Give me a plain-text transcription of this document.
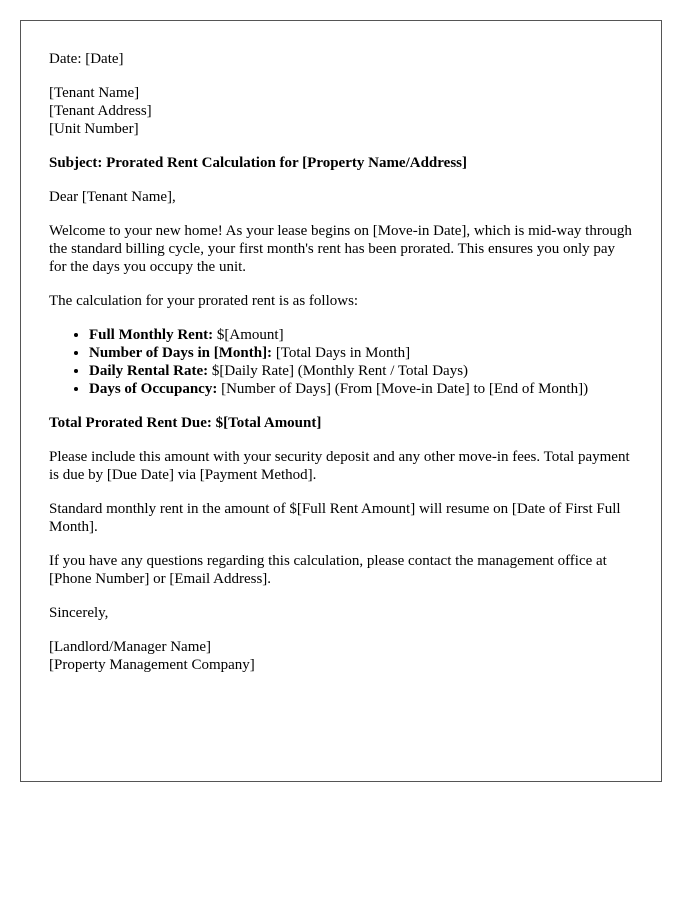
Date: [Date]

[Tenant Name]
[Tenant Address]
[Unit Number]

Subject: Prorated Rent Calculation for [Property Name/Address]

Dear [Tenant Name],

Welcome to your new home! As your lease begins on [Move-in Date], which is mid-way through the standard billing cycle, your first month's rent has been prorated. This ensures you only pay for the days you occupy the unit.

The calculation for your prorated rent is as follows:

• Full Monthly Rent: $[Amount]
• Number of Days in [Month]: [Total Days in Month]
• Daily Rental Rate: $[Daily Rate] (Monthly Rent / Total Days)
• Days of Occupancy: [Number of Days] (From [Move-in Date] to [End of Month])

Total Prorated Rent Due: $[Total Amount]

Please include this amount with your security deposit and any other move-in fees. Total payment is due by [Due Date] via [Payment Method].

Standard monthly rent in the amount of $[Full Rent Amount] will resume on [Date of First Full Month].

If you have any questions regarding this calculation, please contact the management office at [Phone Number] or [Email Address].

Sincerely,

[Landlord/Manager Name]
[Property Management Company]
